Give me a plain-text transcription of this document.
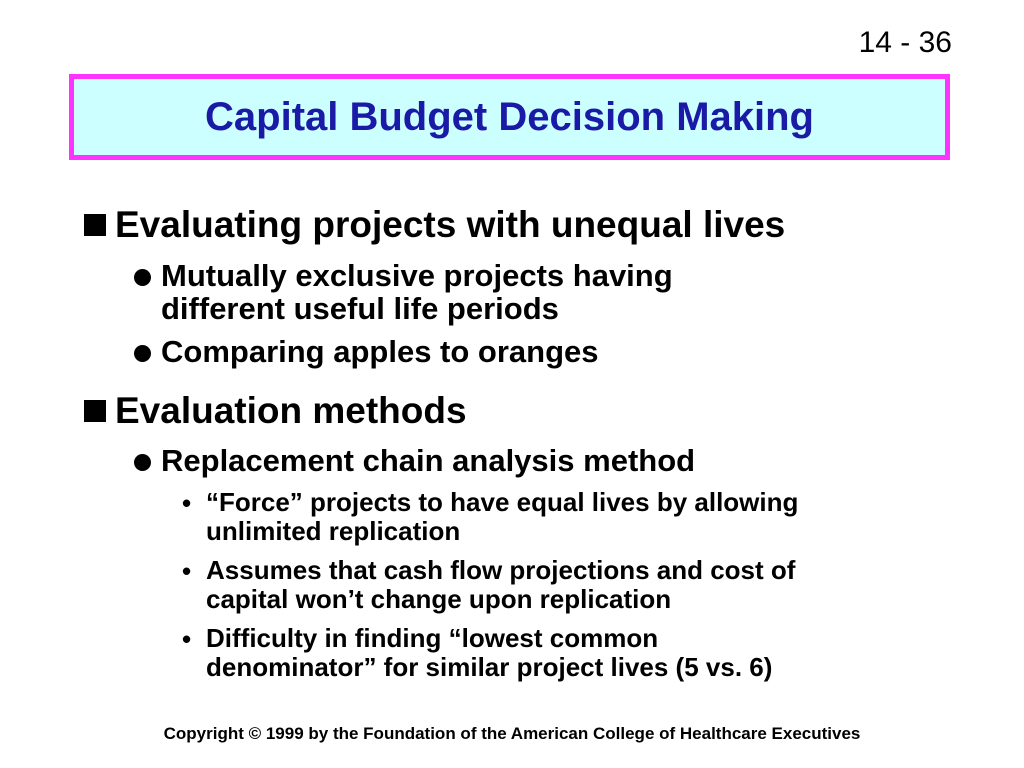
14 - 36
Capital Budget Decision Making
Evaluating projects with unequal lives
Mutually exclusive projects having
different useful life periods
Comparing apples to oranges
Evaluation methods
Replacement chain analysis method
• “Force” projects to have equal lives by allowing
unlimited replication
• Assumes that cash flow projections and cost of
capital won’t change upon replication
• Difficulty in finding “lowest common
denominator” for similar project lives (5 vs. 6)
Copyright © 1999 by the Foundation of the American College of Healthcare Executives
